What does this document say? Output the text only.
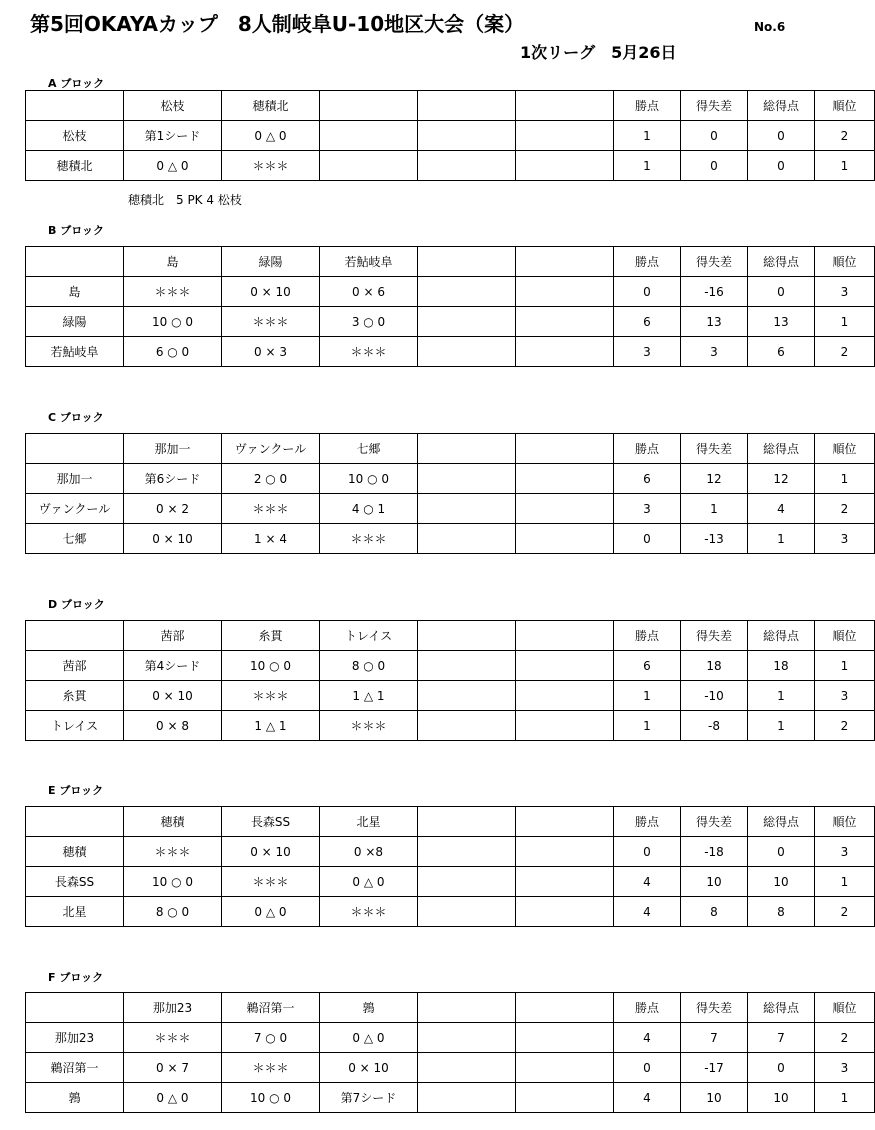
第5回OKAYAカップ　8人制岐阜U-10地区大会（案）	No.6
1次リーグ　5月26日
A ブロック
	松枝	穂積北				勝点	得失差	総得点	順位
松枝	第1シード	0 △ 0				1	0	0	2
穂積北	0 △ 0	＊＊＊				1	0	0	1
穂積北　5 PK 4 松枝
B ブロック
	島	緑陽	若鮎岐阜			勝点	得失差	総得点	順位
島	＊＊＊	0 × 10	0 × 6			0	-16	0	3
緑陽	10 ○ 0	＊＊＊	3 ○ 0			6	13	13	1
若鮎岐阜	6 ○ 0	0 × 3	＊＊＊			3	3	6	2
C ブロック
	那加一	ヴァンクール	七郷			勝点	得失差	総得点	順位
那加一	第6シード	2 ○ 0	10 ○ 0			6	12	12	1
ヴァンクール	0 × 2	＊＊＊	4 ○ 1			3	1	4	2
七郷	0 × 10	1 × 4	＊＊＊			0	-13	1	3
D ブロック
	茜部	糸貫	トレイス			勝点	得失差	総得点	順位
茜部	第4シード	10 ○ 0	8 ○ 0			6	18	18	1
糸貫	0 × 10	＊＊＊	1 △ 1			1	-10	1	3
トレイス	0 × 8	1 △ 1	＊＊＊			1	-8	1	2
E ブロック
	穂積	長森SS	北星			勝点	得失差	総得点	順位
穂積	＊＊＊	0 × 10	0 ×8			0	-18	0	3
長森SS	10 ○ 0	＊＊＊	0 △ 0			4	10	10	1
北星	8 ○ 0	0 △ 0	＊＊＊			4	8	8	2
F ブロック
	那加23	鵜沼第一	鶉			勝点	得失差	総得点	順位
那加23	＊＊＊	7 ○ 0	0 △ 0			4	7	7	2
鵜沼第一	0 × 7	＊＊＊	0 × 10			0	-17	0	3
鶉	0 △ 0	10 ○ 0	第7シード			4	10	10	1
